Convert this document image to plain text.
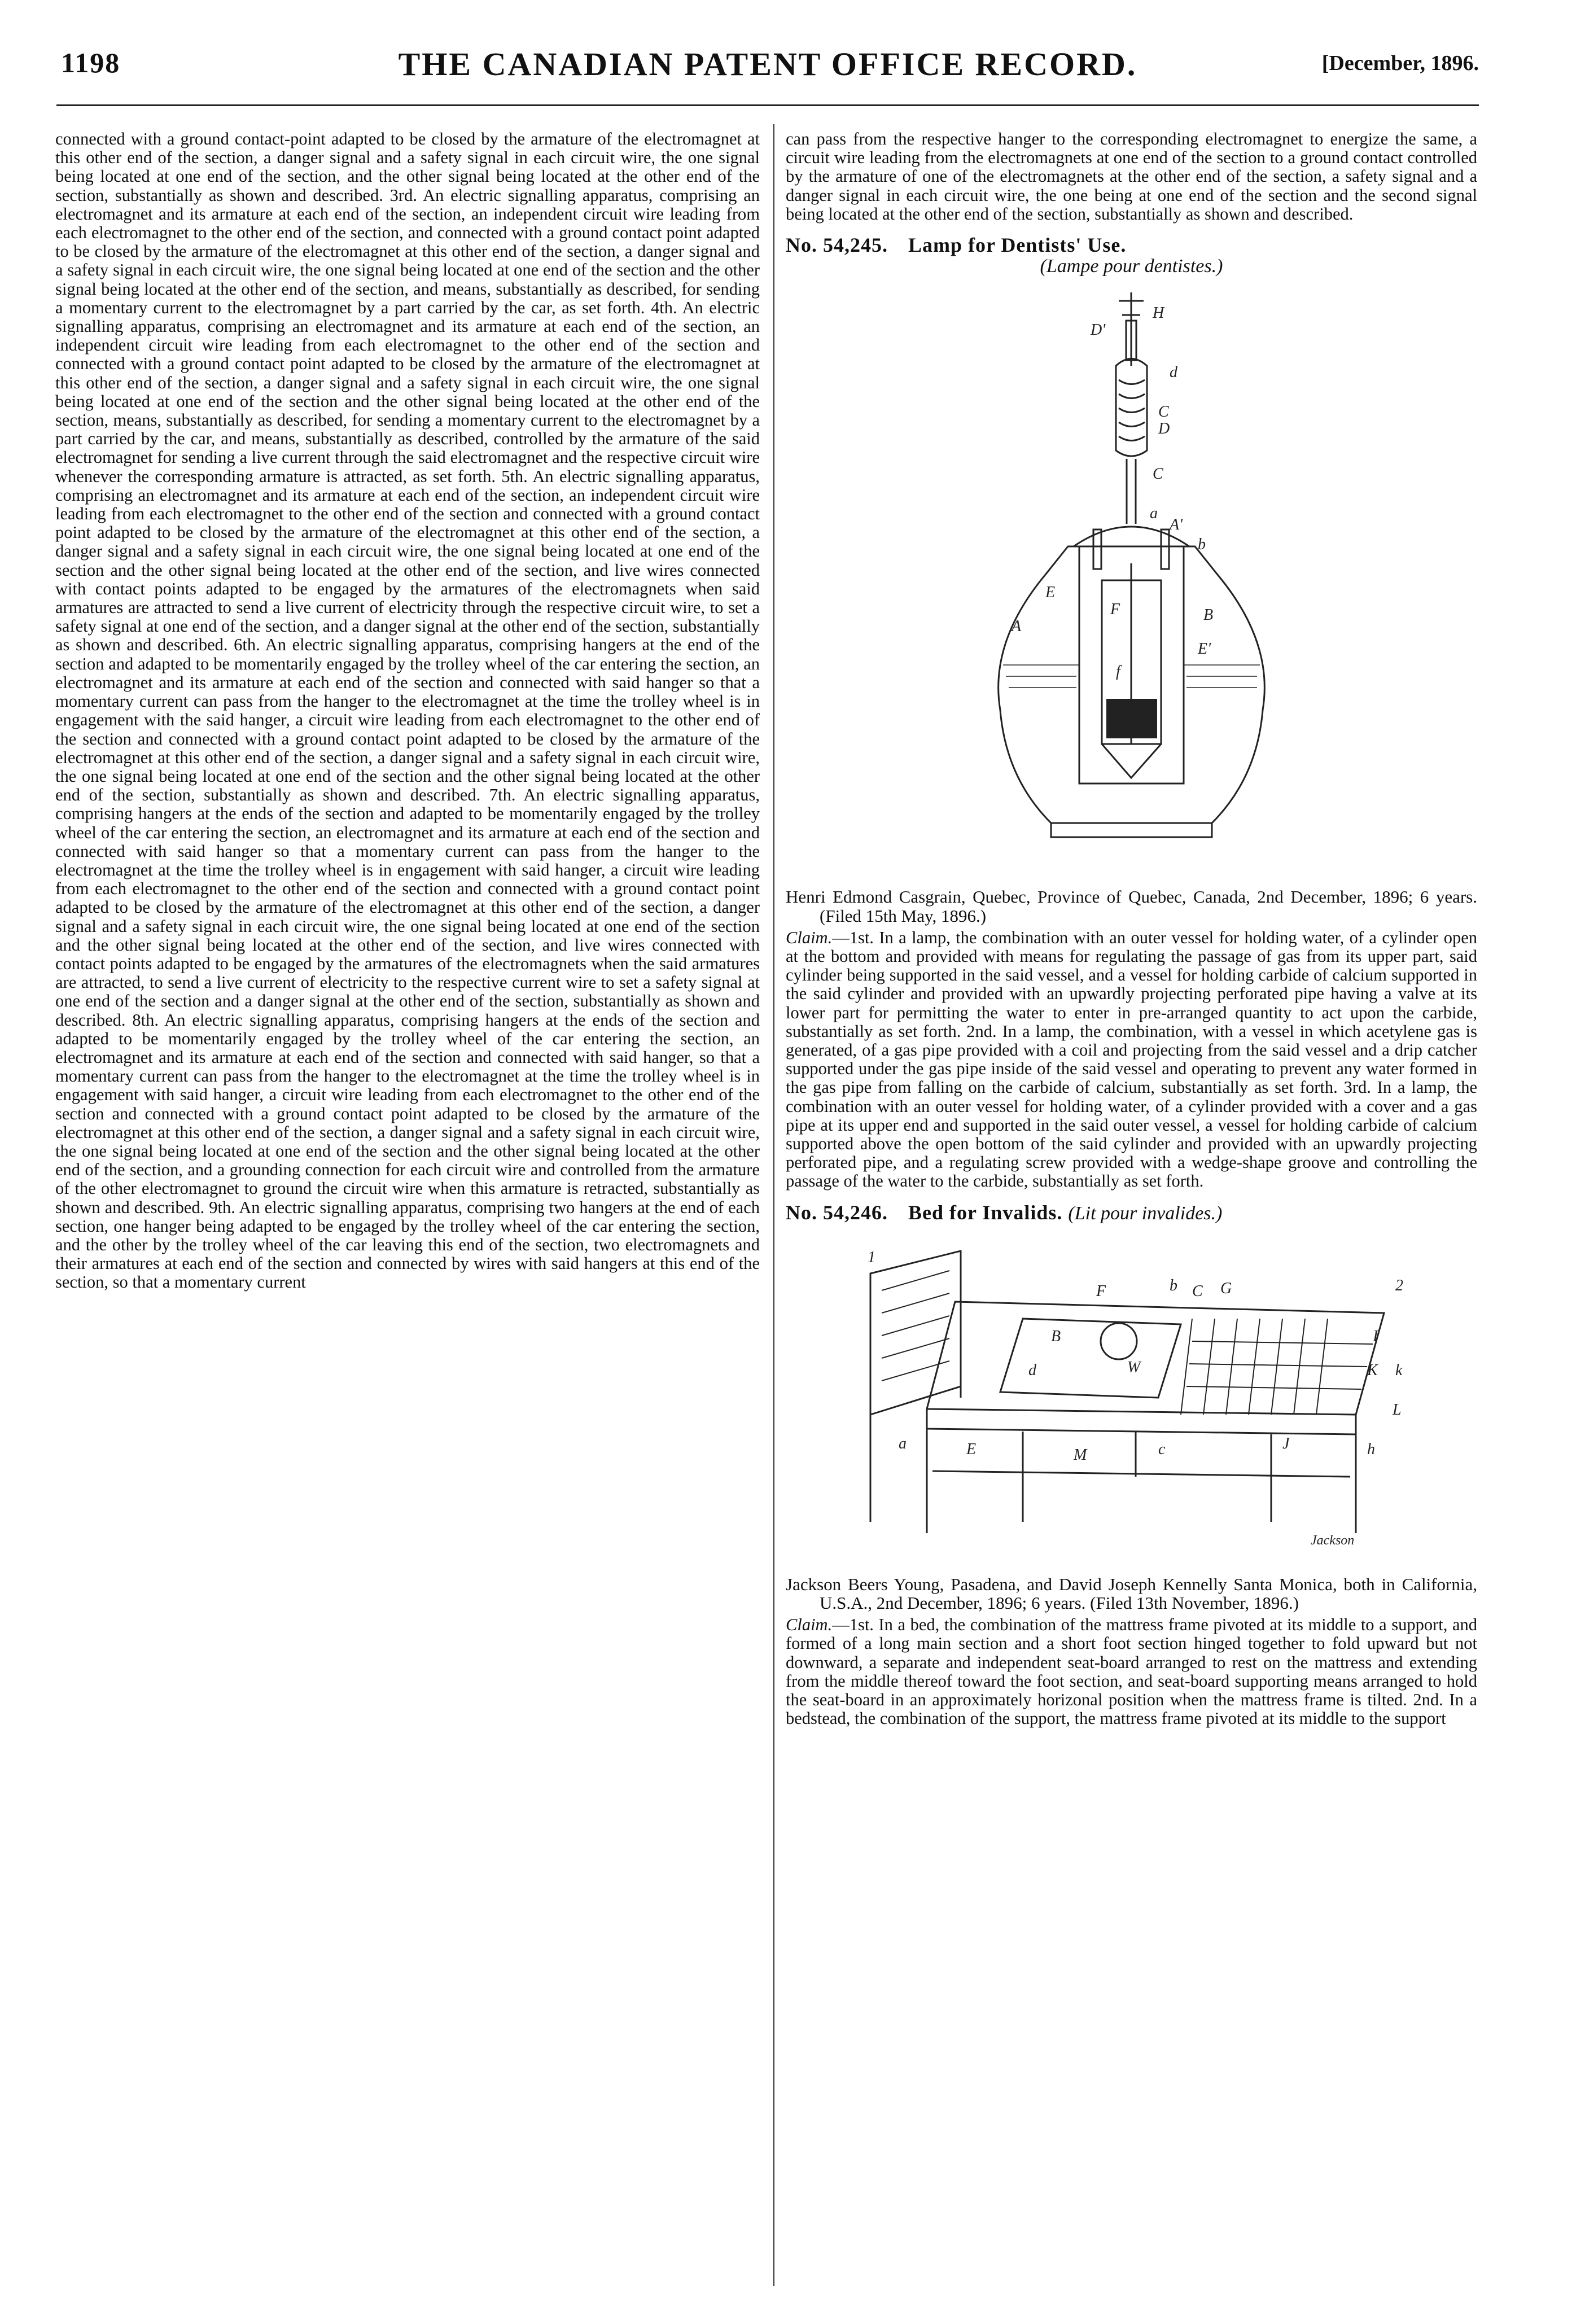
1198	THE CANADIAN PATENT OFFICE RECORD.	[December, 1896.

connected with a ground contact-point adapted to be closed by the armature of the electromagnet at this other end of the section, a danger signal and a safety signal in each circuit wire, the one signal being located at one end of the section, and the other signal being located at the other end of the section, substantially as shown and described. 3rd. An electric signalling apparatus, comprising an electromagnet and its armature at each end of the section, an independent circuit wire leading from each electromagnet to the other end of the section, and connected with a ground contact point adapted to be closed by the armature of the electromagnet at this other end of the section, a danger signal and a safety signal in each circuit wire, the one signal being located at one end of the section and the other signal being located at the other end of the section, and means, substantially as described, for sending a momentary current to the electromagnet by a part carried by the car, as set forth. 4th. An electric signalling apparatus, comprising an electromagnet and its armature at each end of the section, an independent circuit wire leading from each electromagnet to the other end of the section and connected with a ground contact point adapted to be closed by the armature of the electromagnet at this other end of the section, a danger signal and a safety signal in each circuit wire, the one signal being located at one end of the section and the other signal being located at the other end of the section, means, substantially as described, for sending a momentary current to the electromagnet by a part carried by the car, and means, substantially as described, controlled by the armature of the said electromagnet for sending a live current through the said electromagnet and the respective circuit wire whenever the corresponding armature is attracted, as set forth. 5th. An electric signalling apparatus, comprising an electromagnet and its armature at each end of the section, an independent circuit wire leading from each electromagnet to the other end of the section and connected with a ground contact point adapted to be closed by the armature of the electromagnet at this other end of the section, a danger signal and a safety signal in each circuit wire, the one signal being located at one end of the section and the other signal being located at the other end of the section, and live wires connected with contact points adapted to be engaged by the armatures of the electromagnets when said armatures are attracted to send a live current of electricity through the respective circuit wire, to set a safety signal at one end of the section, and a danger signal at the other end of the section, substantially as shown and described. 6th. An electric signalling apparatus, comprising hangers at the end of the section and adapted to be momentarily engaged by the trolley wheel of the car entering the section, an electromagnet and its armature at each end of the section and connected with said hanger so that a momentary current can pass from the hanger to the electromagnet at the time the trolley wheel is in engagement with the said hanger, a circuit wire leading from each electromagnet to the other end of the section and connected with a ground contact point adapted to be closed by the armature of the electromagnet at this other end of the section, a danger signal and a safety signal in each circuit wire, the one signal being located at one end of the section and the other signal being located at the other end of the section, substantially as shown and described. 7th. An electric signalling apparatus, comprising hangers at the ends of the section and adapted to be momentarily engaged by the trolley wheel of the car entering the section, an electromagnet and its armature at each end of the section and connected with said hanger so that a momentary current can pass from the hanger to the electromagnet at the time the trolley wheel is in engagement with said hanger, a circuit wire leading from each electromagnet to the other end of the section and connected with a ground contact point adapted to be closed by the armature of the electromagnet at this other end of the section, a danger signal and a safety signal in each circuit wire, the one signal being located at one end of the section and the other signal being located at the other end of the section, and live wires connected with contact points adapted to be engaged by the armatures of the electromagnets when the said armatures are attracted, to send a live current of electricity to the respective current wire to set a safety signal at one end of the section and a danger signal at the other end of the section, substantially as shown and described. 8th. An electric signalling apparatus, comprising hangers at the ends of the section and adapted to be momentarily engaged by the trolley wheel of the car entering the section, an electromagnet and its armature at each end of the section and connected with said hanger, so that a momentary current can pass from the hanger to the electromagnet at the time the trolley wheel is in engagement with said hanger, a circuit wire leading from each electromagnet to the other end of the section and connected with a ground contact point adapted to be closed by the armature of the electromagnet at this other end of the section, a danger signal and a safety signal in each circuit wire, the one signal being located at one end of the section and the other signal being located at the other end of the section, and a grounding connection for each circuit wire and controlled from the armature of the other electromagnet to ground the circuit wire when this armature is retracted, substantially as shown and described. 9th. An electric signalling apparatus, comprising two hangers at the end of each section, one hanger being adapted to be engaged by the trolley wheel of the car entering the section, and the other by the trolley wheel of the car leaving this end of the section, two electromagnets and their armatures at each end of the section and connected by wires with said hangers at this end of the section, so that a momentary current

can pass from the respective hanger to the corresponding electromagnet to energize the same, a circuit wire leading from the electromagnets at one end of the section to a ground contact controlled by the armature of one of the electromagnets at the other end of the section, a safety signal and a danger signal in each circuit wire, the one being at one end of the section and the second signal being located at the other end of the section, substantially as shown and described.

No. 54,245. Lamp for Dentists' Use.
(Lampe pour dentistes.)
H
D'
d
C
D
C
a
A'
b
E
A
B
F
E'
f

Henri Edmond Casgrain, Quebec, Province of Quebec, Canada, 2nd December, 1896; 6 years. (Filed 15th May, 1896.)

Claim.—1st. In a lamp, the combination with an outer vessel for holding water, of a cylinder open at the bottom and provided with means for regulating the passage of gas from its upper part, said cylinder being supported in the said vessel, and a vessel for holding carbide of calcium supported in the said cylinder and provided with an upwardly projecting perforated pipe having a valve at its lower part for permitting the water to enter in pre-arranged quantity to act upon the carbide, substantially as set forth. 2nd. In a lamp, the combination, with a vessel in which acetylene gas is generated, of a gas pipe provided with a coil and projecting from the said vessel and a drip catcher supported under the gas pipe inside of the said vessel and operating to prevent any water formed in the gas pipe from falling on the carbide of calcium, substantially as set forth. 3rd. In a lamp, the combination with an outer vessel for holding water, of a cylinder provided with a cover and a gas pipe at its upper end and supported in the said outer vessel, a vessel for holding carbide of calcium supported above the open bottom of the said cylinder and provided with an upwardly projecting perforated pipe, and a regulating screw provided with a wedge-shape groove and controlling the passage of the water to the carbide, substantially as set forth.

No. 54,246. Bed for Invalids. (Lit pour invalides.)
1
F	b C G	2
B
W
d
I
K k
a	E	M	c	J	h
L
Jackson

Jackson Beers Young, Pasadena, and David Joseph Kennelly Santa Monica, both in California, U.S.A., 2nd December, 1896; 6 years. (Filed 13th November, 1896.)

Claim.—1st. In a bed, the combination of the mattress frame pivoted at its middle to a support, and formed of a long main section and a short foot section hinged together to fold upward but not downward, a separate and independent seat-board arranged to rest on the mattress and extending from the middle thereof toward the foot section, and seat-board supporting means arranged to hold the seat-board in an approximately horizonal position when the mattress frame is tilted. 2nd. In a bedstead, the combination of the support, the mattress frame pivoted at its middle to the support
